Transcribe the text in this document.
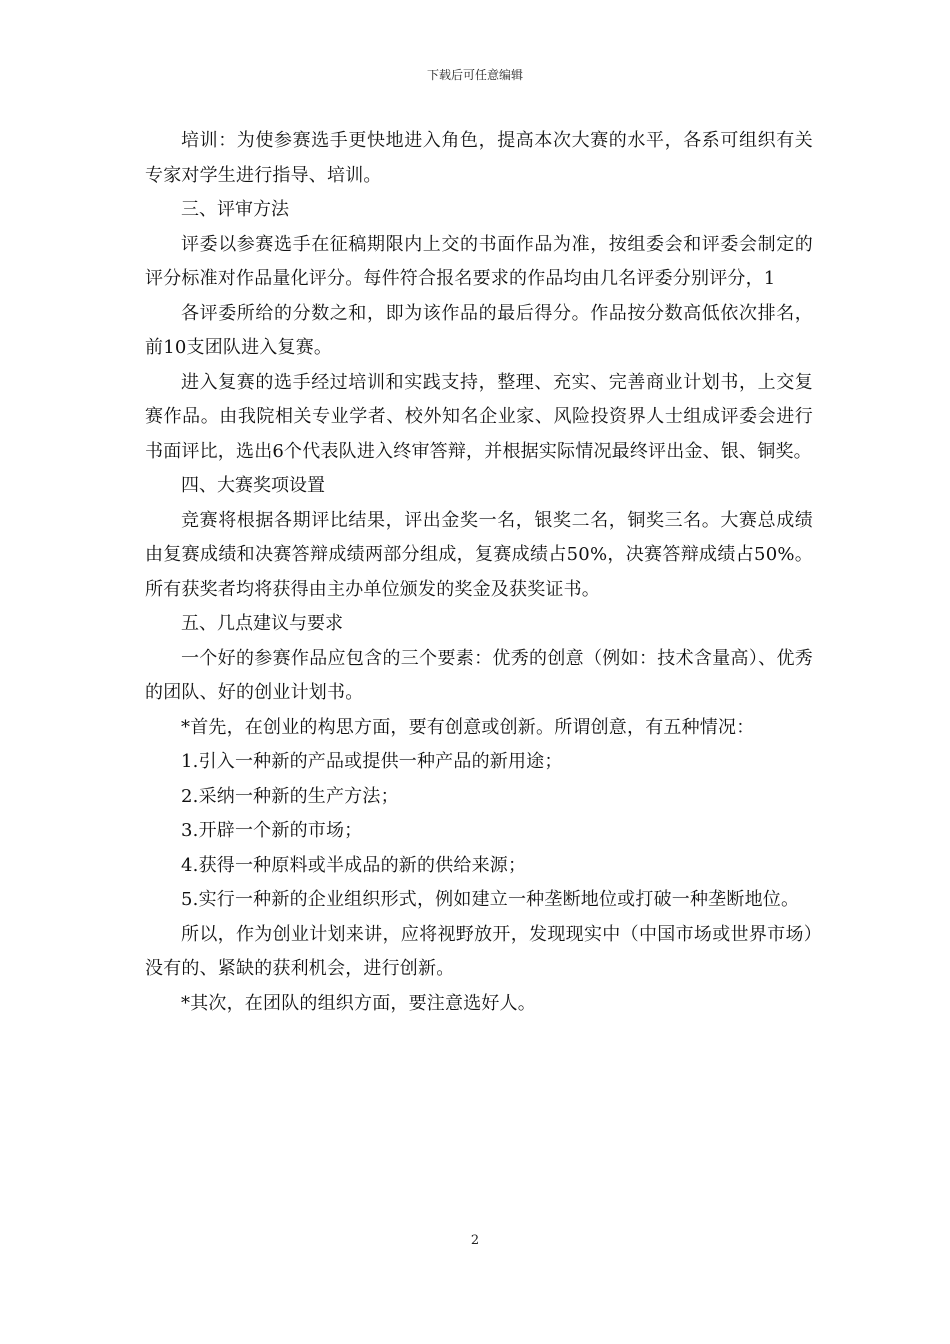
下载后可任意编辑

培训：为使参赛选手更快地进入角色，提高本次大赛的水平，各系可组织有关专家对学生进行指导、培训。

三、评审方法

评委以参赛选手在征稿期限内上交的书面作品为准，按组委会和评委会制定的评分标准对作品量化评分。每件符合报名要求的作品均由几名评委分别评分，1

各评委所给的分数之和，即为该作品的最后得分。作品按分数高低依次排名，前10支团队进入复赛。

进入复赛的选手经过培训和实践支持，整理、充实、完善商业计划书，上交复赛作品。由我院相关专业学者、校外知名企业家、风险投资界人士组成评委会进行书面评比，选出6个代表队进入终审答辩，并根据实际情况最终评出金、银、铜奖。

四、大赛奖项设置

竞赛将根据各期评比结果，评出金奖一名，银奖二名，铜奖三名。大赛总成绩由复赛成绩和决赛答辩成绩两部分组成，复赛成绩占50%，决赛答辩成绩占50%。所有获奖者均将获得由主办单位颁发的奖金及获奖证书。

五、几点建议与要求

一个好的参赛作品应包含的三个要素：优秀的创意（例如：技术含量高）、优秀的团队、好的创业计划书。

*首先，在创业的构思方面，要有创意或创新。所谓创意，有五种情况：

1.引入一种新的产品或提供一种产品的新用途；

2.采纳一种新的生产方法；

3.开辟一个新的市场；

4.获得一种原料或半成品的新的供给来源；

5.实行一种新的企业组织形式，例如建立一种垄断地位或打破一种垄断地位。

所以，作为创业计划来讲，应将视野放开，发现现实中（中国市场或世界市场）没有的、紧缺的获利机会，进行创新。

*其次，在团队的组织方面，要注意选好人。

2
